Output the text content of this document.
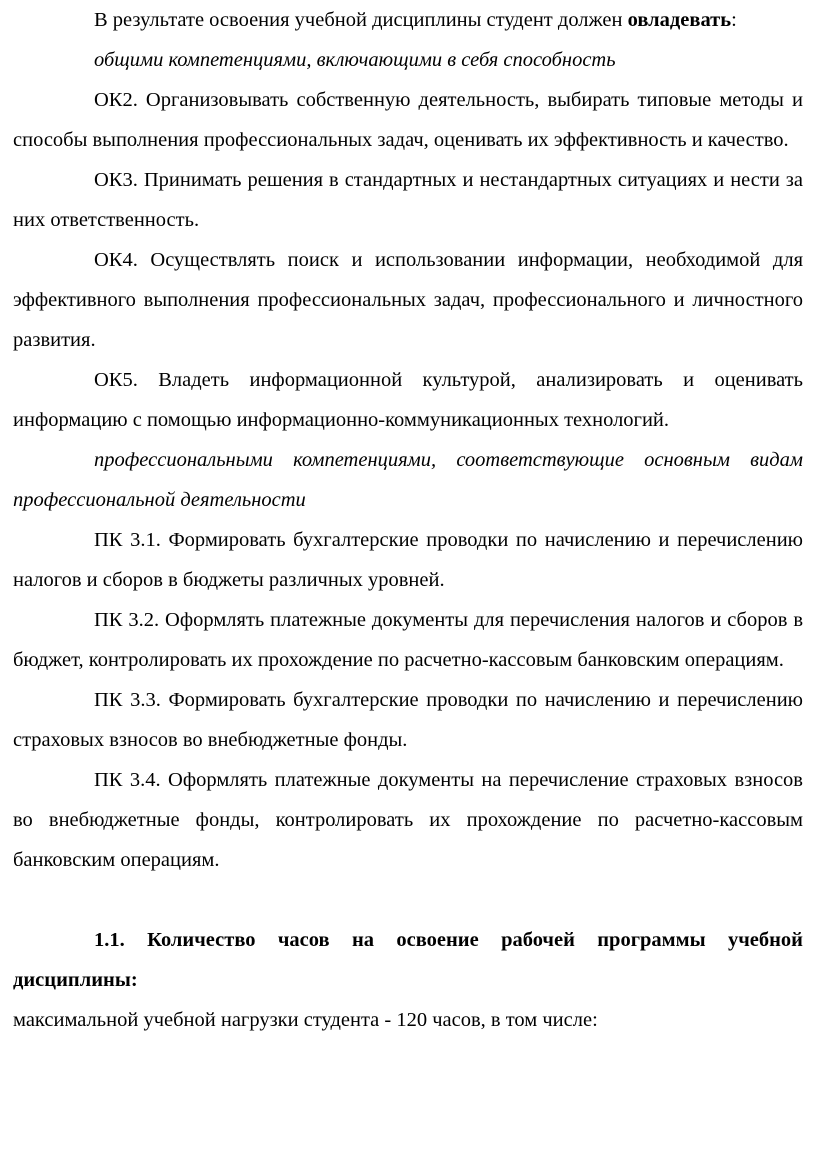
В результате освоения учебной дисциплины студент должен овладевать:

общими компетенциями, включающими в себя способность

ОК2. Организовывать собственную деятельность, выбирать типовые методы и способы выполнения профессиональных задач, оценивать их эффективность и качество.

ОК3. Принимать решения в стандартных и нестандартных ситуациях и нести за них ответственность.

ОК4. Осуществлять поиск и использовании информации, необходимой для эффективного выполнения профессиональных задач, профессионального и личностного развития.

ОК5. Владеть информационной культурой, анализировать и оценивать информацию с помощью информационно-коммуникационных технологий.

профессиональными компетенциями, соответствующие основным видам профессиональной деятельности

ПК 3.1. Формировать бухгалтерские проводки по начислению и перечислению налогов и сборов в бюджеты различных уровней.

ПК 3.2. Оформлять платежные документы для перечисления налогов и сборов в бюджет, контролировать их прохождение по расчетно-кассовым банковским операциям.

ПК 3.3. Формировать бухгалтерские проводки по начислению и перечислению страховых взносов во внебюджетные фонды.

ПК 3.4. Оформлять платежные документы на перечисление страховых взносов во внебюджетные фонды, контролировать их прохождение по расчетно-кассовым банковским операциям.

1.1. Количество часов на освоение рабочей программы учебной дисциплины:

максимальной учебной нагрузки студента - 120 часов, в том числе:
